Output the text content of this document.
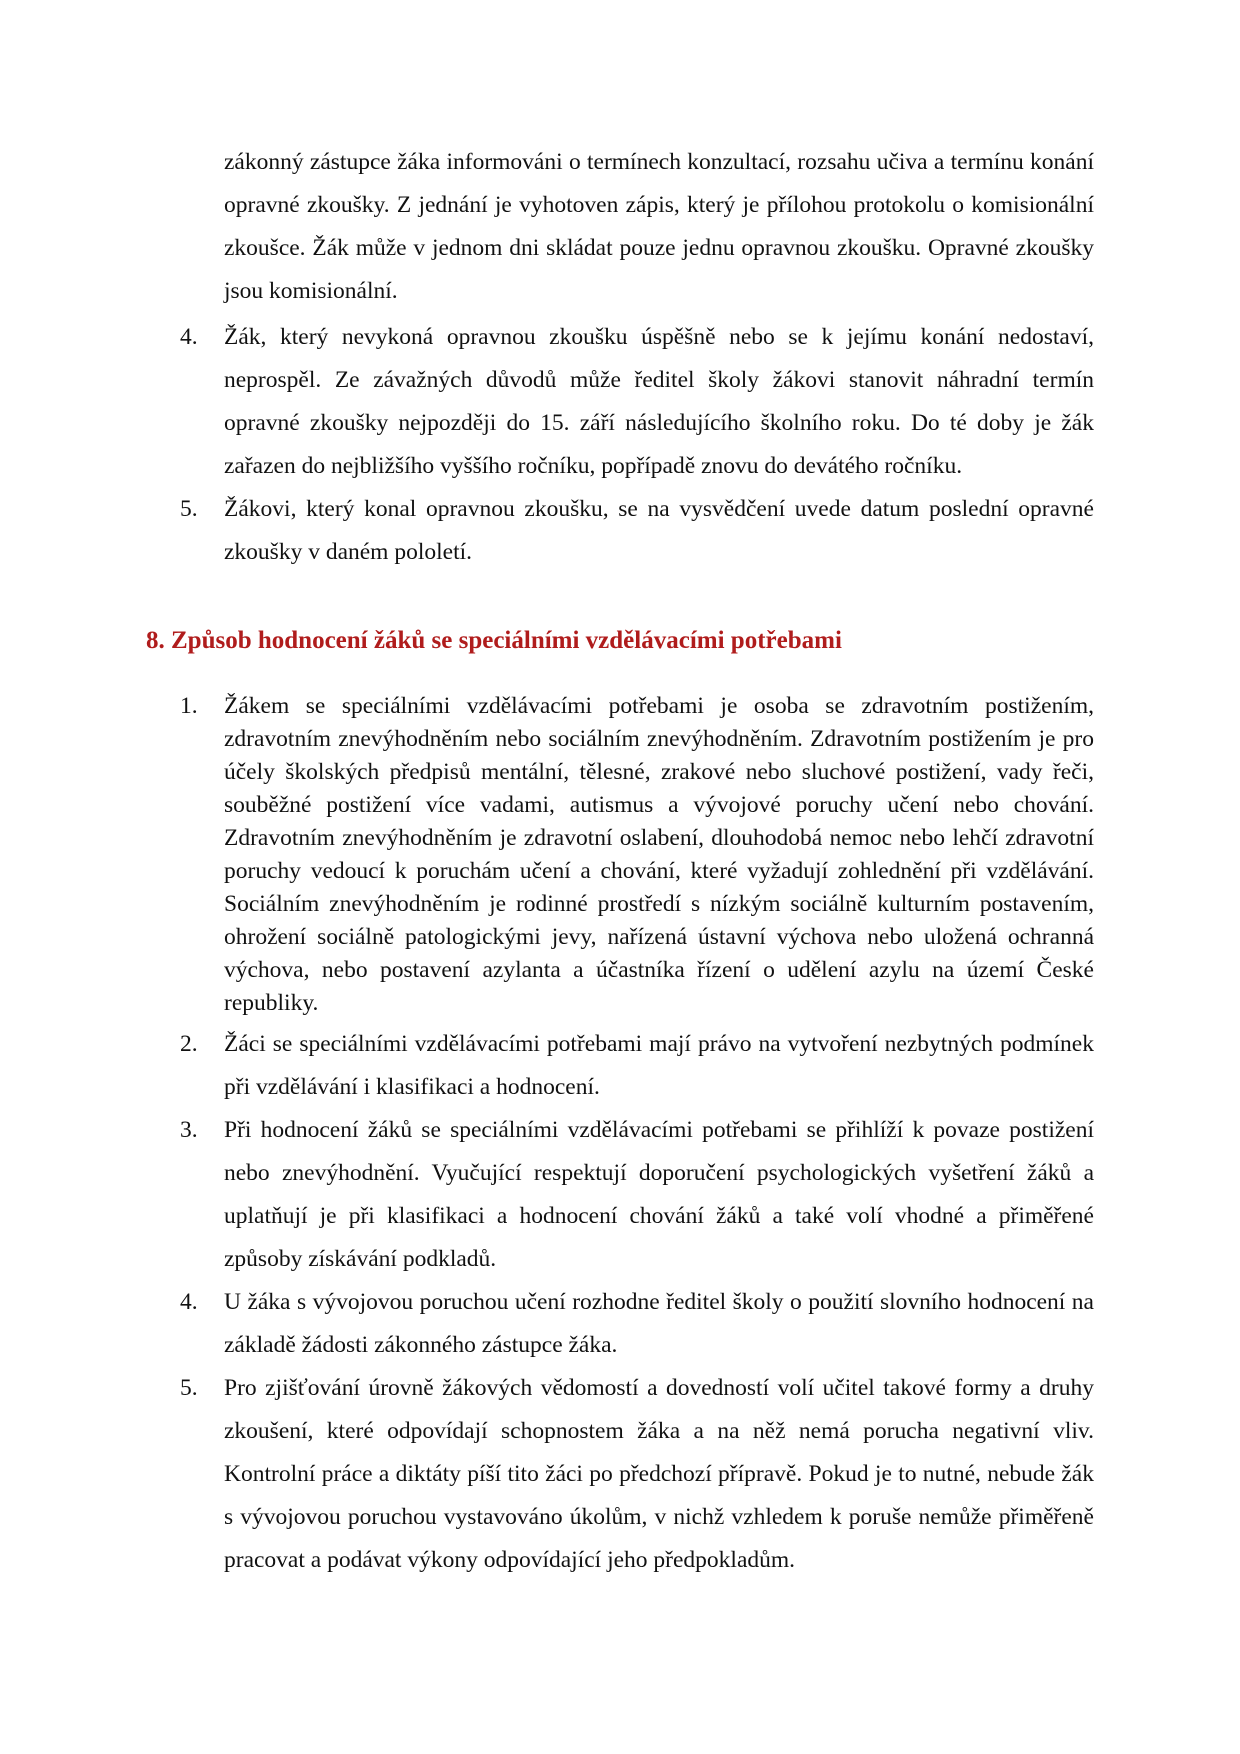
zákonný zástupce žáka informováni o termínech konzultací, rozsahu učiva a termínu konání opravné zkoušky. Z jednání je vyhotoven zápis, který je přílohou protokolu o komisionální zkoušce. Žák může v jednom dni skládat pouze jednu opravnou zkoušku. Opravné zkoušky jsou komisionální.

4.	Žák, který nevykoná opravnou zkoušku úspěšně nebo se k jejímu konání nedostaví, neprospěl. Ze závažných důvodů může ředitel školy žákovi stanovit náhradní termín opravné zkoušky nejpozději do 15. září následujícího školního roku. Do té doby je žák zařazen do nejbližšího vyššího ročníku, popřípadě znovu do devátého ročníku.

5.	Žákovi, který konal opravnou zkoušku, se na vysvědčení uvede datum poslední opravné zkoušky v daném pololetí.

8. Způsob hodnocení žáků se speciálními vzdělávacími potřebami

1.	Žákem se speciálními vzdělávacími potřebami je osoba se zdravotním postižením, zdravotním znevýhodněním nebo sociálním znevýhodněním. Zdravotním postižením je pro účely školských předpisů mentální, tělesné, zrakové nebo sluchové postižení, vady řeči, souběžné postižení více vadami, autismus a vývojové poruchy učení nebo chování. Zdravotním znevýhodněním je zdravotní oslabení, dlouhodobá nemoc nebo lehčí zdravotní poruchy vedoucí k poruchám učení a chování, které vyžadují zohlednění při vzdělávání. Sociálním znevýhodněním je rodinné prostředí s nízkým sociálně kulturním postavením, ohrožení sociálně patologickými jevy, nařízená ústavní výchova nebo uložená ochranná výchova, nebo postavení azylanta a účastníka řízení o udělení azylu na území České republiky.

2.	Žáci se speciálními vzdělávacími potřebami mají právo na vytvoření nezbytných podmínek při vzdělávání i klasifikaci a hodnocení.

3.	Při hodnocení žáků se speciálními vzdělávacími potřebami se přihlíží k povaze postižení nebo znevýhodnění. Vyučující respektují doporučení psychologických vyšetření žáků a uplatňují je při klasifikaci a hodnocení chování žáků a také volí vhodné a přiměřené způsoby získávání podkladů.

4.	U žáka s vývojovou poruchou učení rozhodne ředitel školy o použití slovního hodnocení na základě žádosti zákonného zástupce žáka.

5.	Pro zjišťování úrovně žákových vědomostí a dovedností volí učitel takové formy a druhy zkoušení, které odpovídají schopnostem žáka a na něž nemá porucha negativní vliv. Kontrolní práce a diktáty píší tito žáci po předchozí přípravě. Pokud je to nutné, nebude žák s vývojovou poruchou vystavováno úkolům, v nichž vzhledem k poruše nemůže přiměřeně pracovat a podávat výkony odpovídající jeho předpokladům.
